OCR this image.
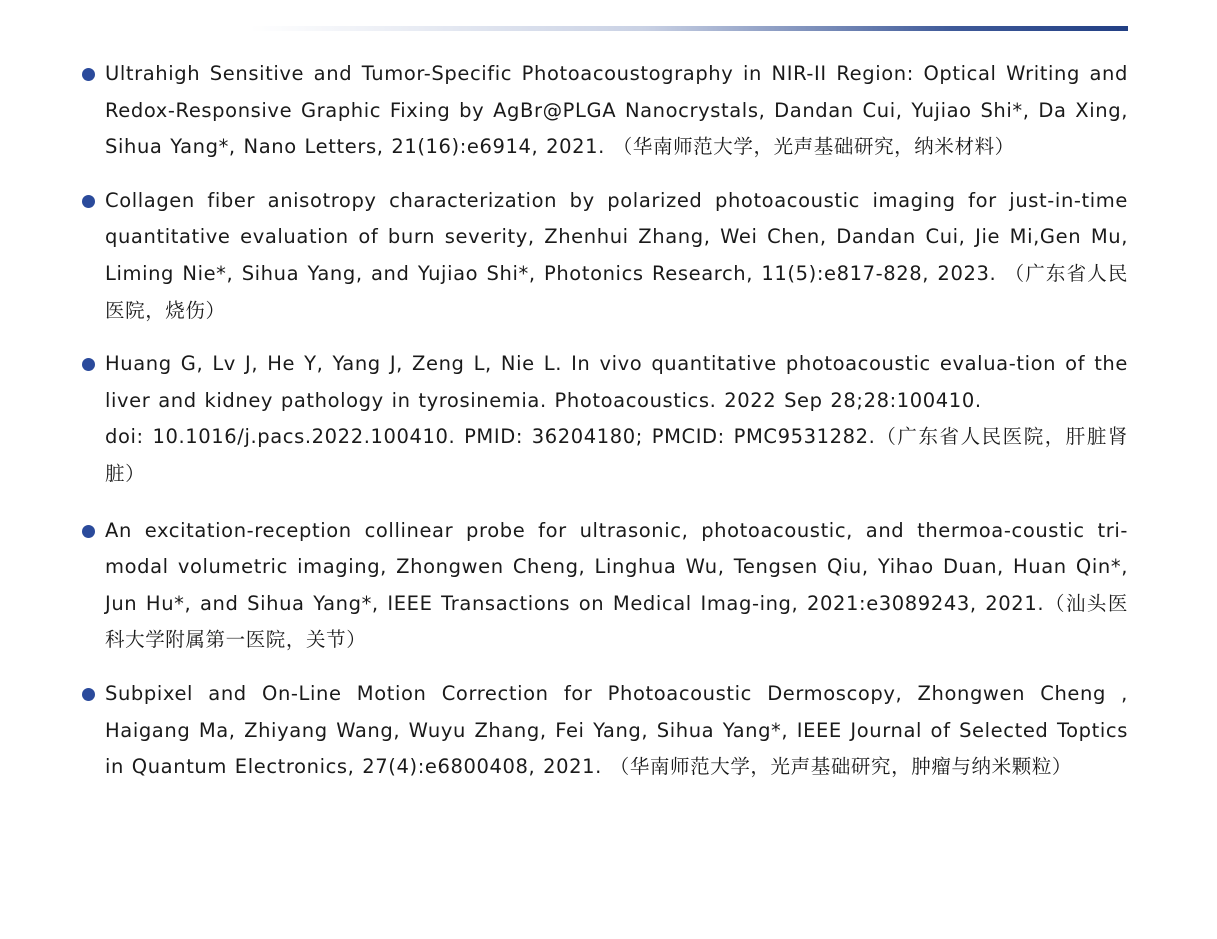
Ultrahigh Sensitive and Tumor-Specific Photoacoustography in NIR-II Region: Optical Writing and Redox-Responsive Graphic Fixing by AgBr@PLGA Nanocrystals, Dandan Cui, Yujiao Shi*, Da Xing, Sihua Yang*, Nano Letters, 21(16):e6914, 2021. （华南师范大学，光声基础研究，纳米材料）
Collagen fiber anisotropy characterization by polarized photoacoustic imaging for just-in-time quantitative evaluation of burn severity, Zhenhui Zhang, Wei Chen, Dandan Cui, Jie Mi,Gen Mu, Liming Nie*, Sihua Yang, and Yujiao Shi*, Photonics Research, 11(5):e817-828, 2023. （广东省人民医院，烧伤）
Huang G, Lv J, He Y, Yang J, Zeng L, Nie L. In vivo quantitative photoacoustic evalua-tion of the liver and kidney pathology in tyrosinemia. Photoacoustics. 2022 Sep 28;28:100410.
doi: 10.1016/j.pacs.2022.100410. PMID: 36204180; PMCID: PMC9531282.（广东省人民医院，肝脏肾脏）
An excitation-reception collinear probe for ultrasonic, photoacoustic, and thermoa-coustic tri-modal volumetric imaging, Zhongwen Cheng, Linghua Wu, Tengsen Qiu, Yihao Duan, Huan Qin*, Jun Hu*, and Sihua Yang*, IEEE Transactions on Medical Imag-ing, 2021:e3089243, 2021.（汕头医科大学附属第一医院，关节）
Subpixel and On-Line Motion Correction for Photoacoustic Dermoscopy, Zhongwen Cheng , Haigang Ma, Zhiyang Wang, Wuyu Zhang, Fei Yang, Sihua Yang*, IEEE Journal of Selected Toptics in Quantum Electronics, 27(4):e6800408, 2021. （华南师范大学，光声基础研究，肿瘤与纳米颗粒）
